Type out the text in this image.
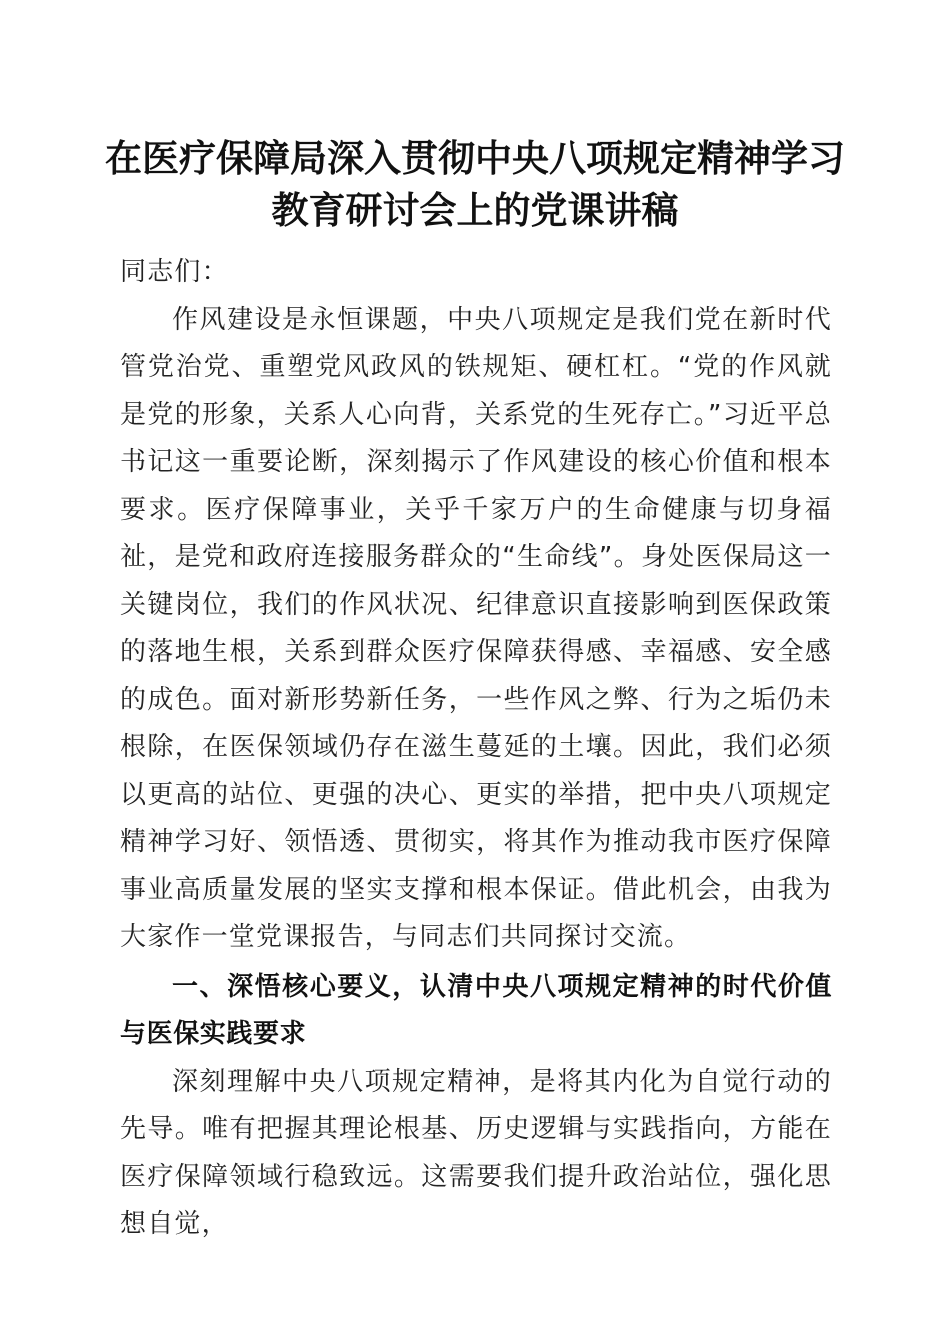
在医疗保障局深入贯彻中央八项规定精神学习
教育研讨会上的党课讲稿

同志们：

作风建设是永恒课题，中央八项规定是我们党在新时代管党治党、重塑党风政风的铁规矩、硬杠杠。“党的作风就是党的形象，关系人心向背，关系党的生死存亡。”习近平总书记这一重要论断，深刻揭示了作风建设的核心价值和根本要求。医疗保障事业，关乎千家万户的生命健康与切身福祉，是党和政府连接服务群众的“生命线”。身处医保局这一关键岗位，我们的作风状况、纪律意识直接影响到医保政策的落地生根，关系到群众医疗保障获得感、幸福感、安全感的成色。面对新形势新任务，一些作风之弊、行为之垢仍未根除，在医保领域仍存在滋生蔓延的土壤。因此，我们必须以更高的站位、更强的决心、更实的举措，把中央八项规定精神学习好、领悟透、贯彻实，将其作为推动我市医疗保障事业高质量发展的坚实支撑和根本保证。借此机会，由我为大家作一堂党课报告，与同志们共同探讨交流。

一、深悟核心要义，认清中央八项规定精神的时代价值与医保实践要求

深刻理解中央八项规定精神，是将其内化为自觉行动的先导。唯有把握其理论根基、历史逻辑与实践指向，方能在医疗保障领域行稳致远。这需要我们提升政治站位，强化思想自觉，
